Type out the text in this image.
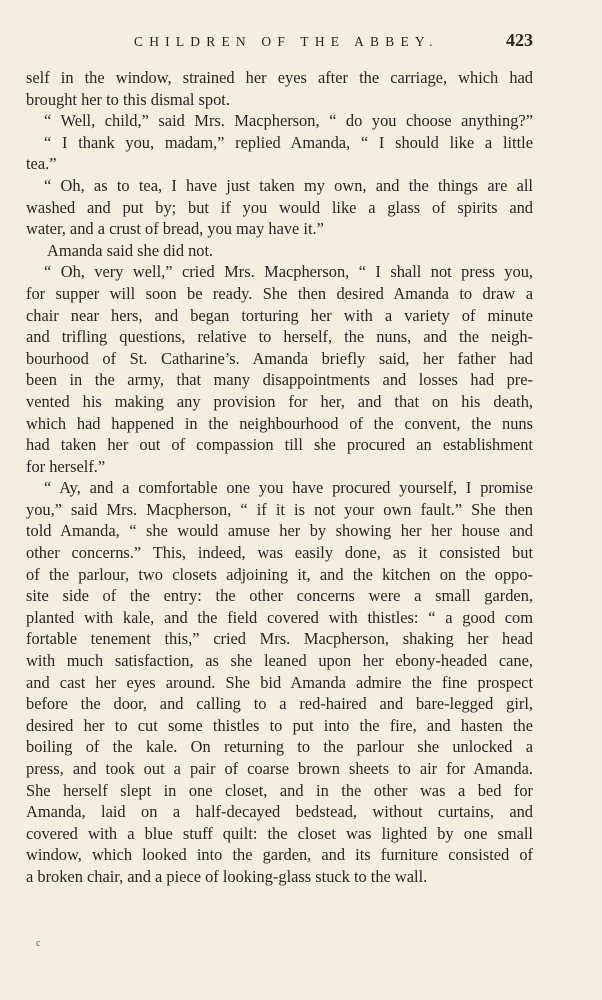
CHILDREN OF THE ABBEY.	423
self in the window, strained her eyes after the carriage, which had
brought her to this dismal spot.
“ Well, child,” said Mrs. Macpherson, “ do you choose anything?”
“ I thank you, madam,” replied Amanda, “ I should like a little
tea.”
“ Oh, as to tea, I have just taken my own, and the things are all
washed and put by; but if you would like a glass of spirits and
water, and a crust of bread, you may have it.”
Amanda said she did not.
“ Oh, very well,” cried Mrs. Macpherson, “ I shall not press you,
for supper will soon be ready. She then desired Amanda to draw a
chair near hers, and began torturing her with a variety of minute
and trifling questions, relative to herself, the nuns, and the neigh-
bourhood of St. Catharine’s. Amanda briefly said, her father had
been in the army, that many disappointments and losses had pre-
vented his making any provision for her, and that on his death,
which had happened in the neighbourhood of the convent, the nuns
had taken her out of compassion till she procured an establishment
for herself.”
“ Ay, and a comfortable one you have procured yourself, I promise
you,” said Mrs. Macpherson, “ if it is not your own fault.” She then
told Amanda, “ she would amuse her by showing her her house and
other concerns.” This, indeed, was easily done, as it consisted but
of the parlour, two closets adjoining it, and the kitchen on the oppo-
site side of the entry: the other concerns were a small garden,
planted with kale, and the field covered with thistles: “ a good com
fortable tenement this,” cried Mrs. Macpherson, shaking her head
with much satisfaction, as she leaned upon her ebony-headed cane,
and cast her eyes around. She bid Amanda admire the fine prospect
before the door, and calling to a red-haired and bare-legged girl,
desired her to cut some thistles to put into the fire, and hasten the
boiling of the kale. On returning to the parlour she unlocked a
press, and took out a pair of coarse brown sheets to air for Amanda.
She herself slept in one closet, and in the other was a bed for
Amanda, laid on a half-decayed bedstead, without curtains, and
covered with a blue stuff quilt: the closet was lighted by one small
window, which looked into the garden, and its furniture consisted of
a broken chair, and a piece of looking-glass stuck to the wall.
c
